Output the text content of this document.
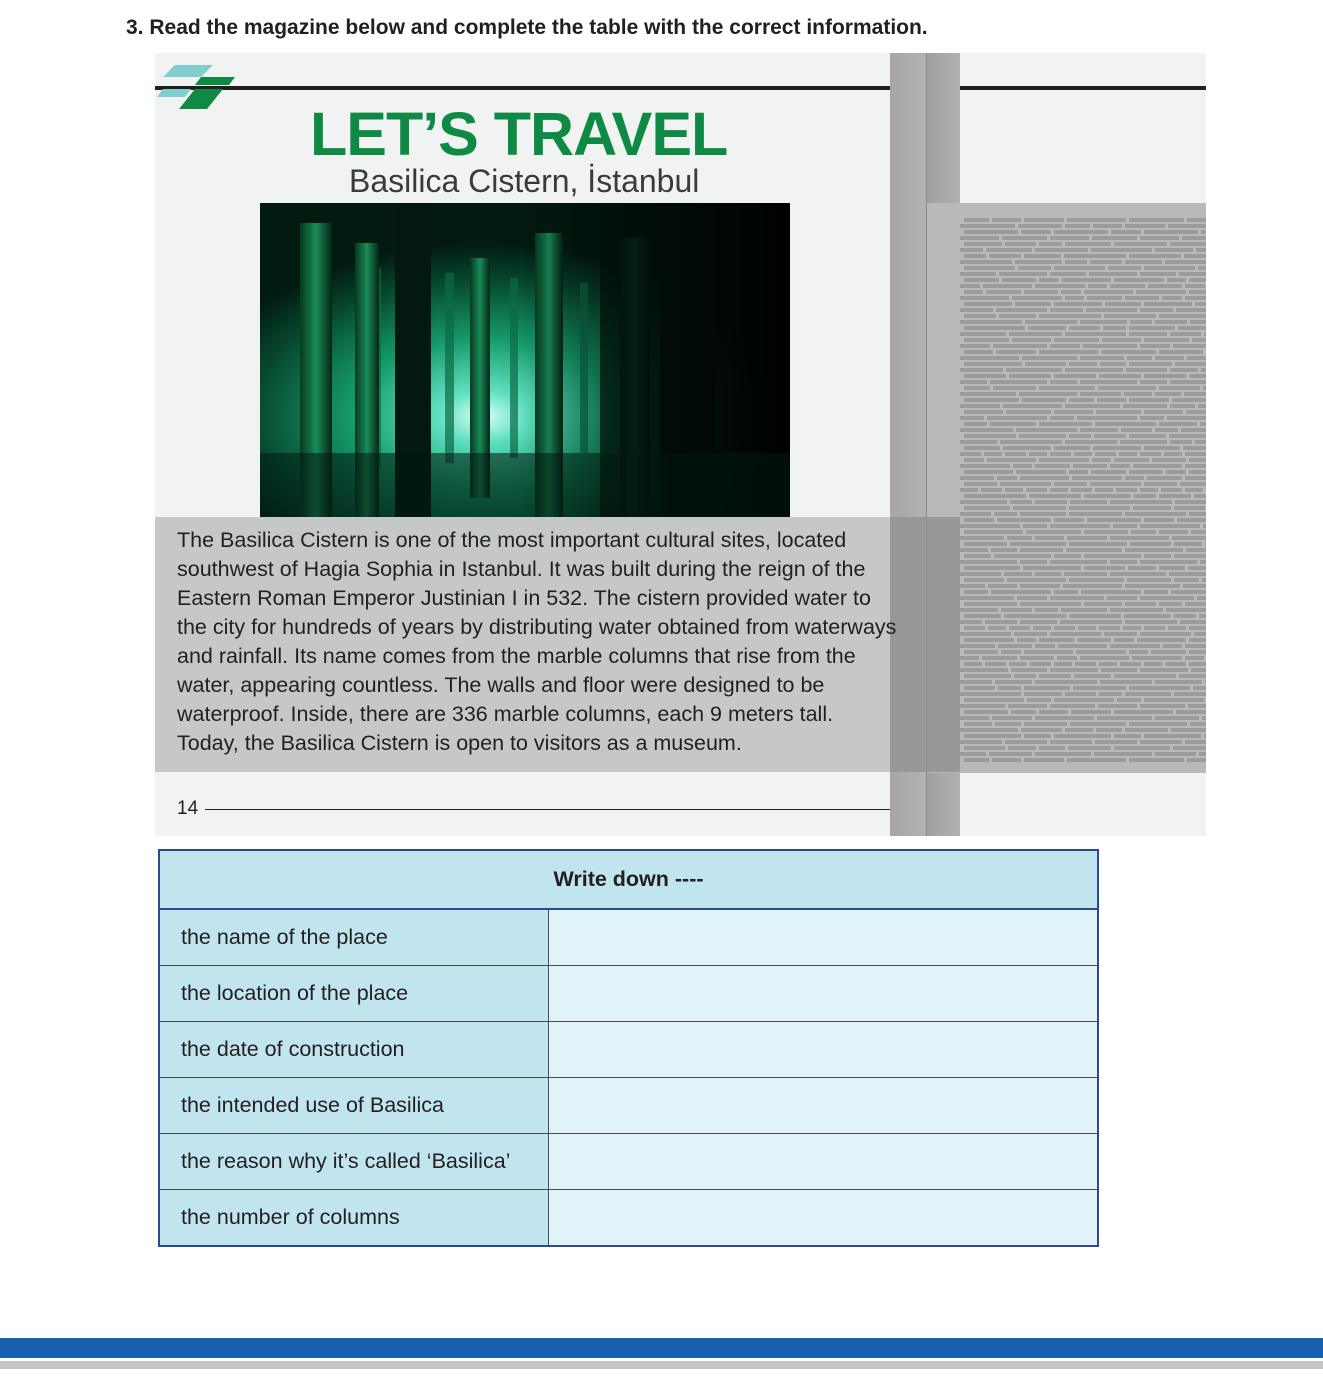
3. Read the magazine below and complete the table with the correct information.
LET’S TRAVEL
Basilica Cistern, İstanbul
The Basilica Cistern is one of the most important cultural sites, located southwest of Hagia Sophia in Istanbul. It was built during the reign of the Eastern Roman Emperor Justinian I in 532. The cistern provided water to the city for hundreds of years by distributing water obtained from waterways and rainfall. Its name comes from the marble columns that rise from the water, appearing countless. The walls and floor were designed to be waterproof. Inside, there are 336 marble columns, each 9 meters tall. Today, the Basilica Cistern is open to visitors as a museum.
14
Write down ----	
the name of the place	
the location of the place	
the date of construction	
the intended use of Basilica	
the reason why it’s called ‘Basilica’	
the number of columns	
